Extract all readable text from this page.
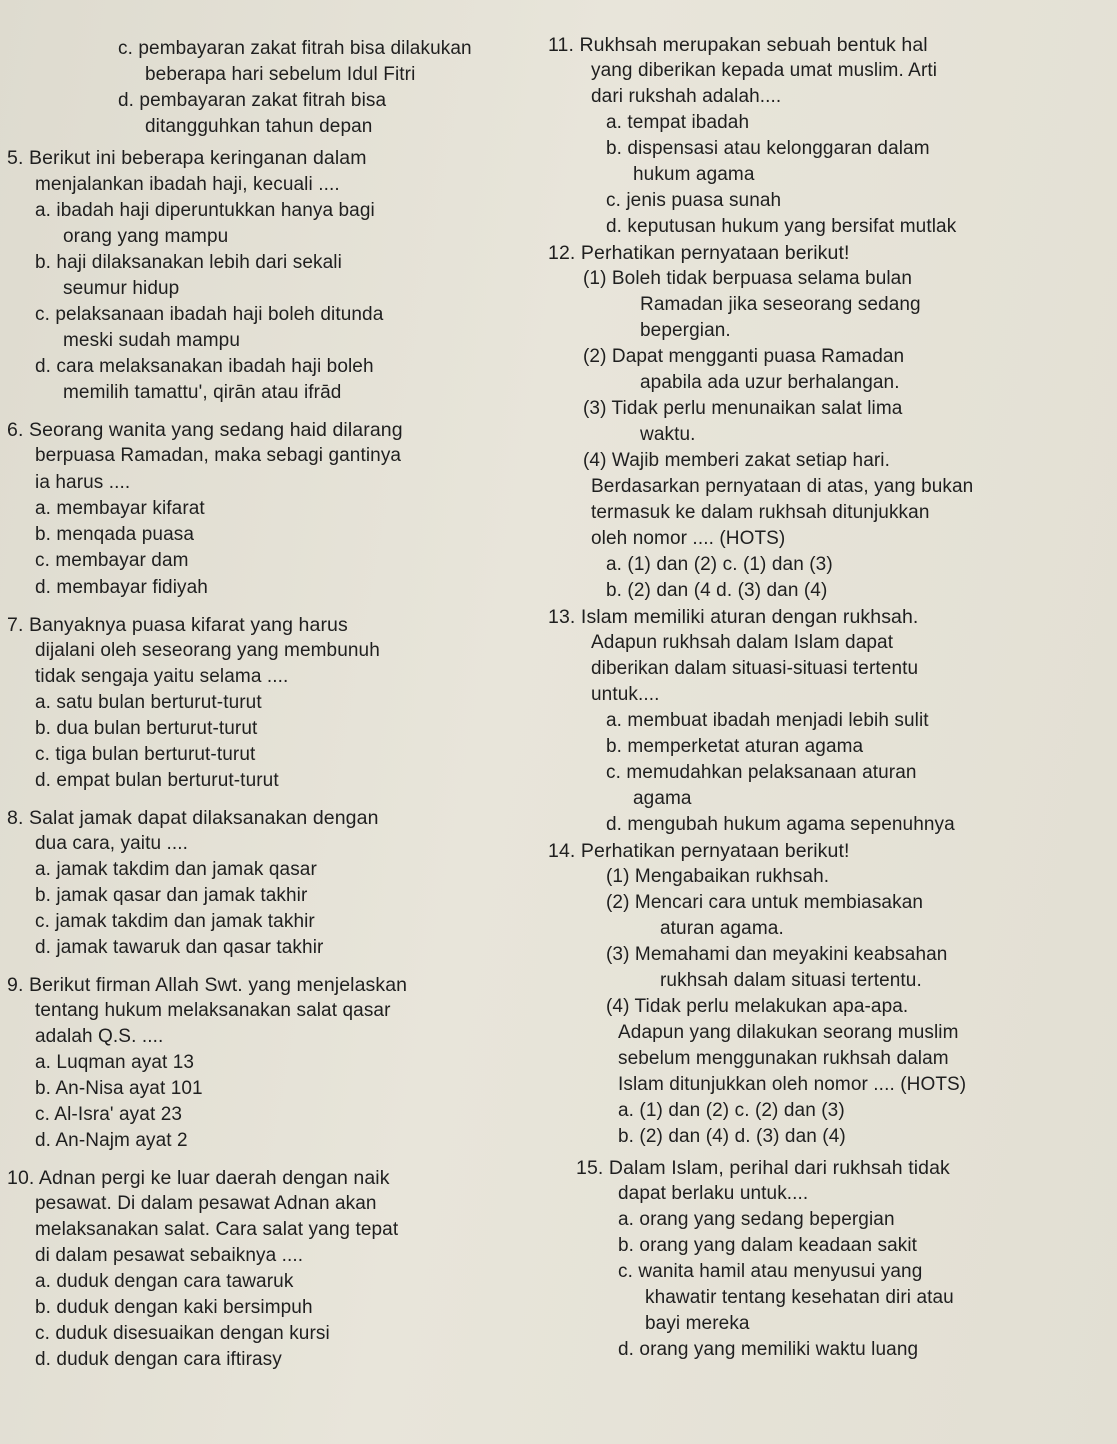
c. pembayaran zakat fitrah bisa dilakukan
beberapa hari sebelum Idul Fitri
d. pembayaran zakat fitrah bisa
ditangguhkan tahun depan
5. Berikut ini beberapa keringanan dalam
menjalankan ibadah haji, kecuali ....
a. ibadah haji diperuntukkan hanya bagi
orang yang mampu
b. haji dilaksanakan lebih dari sekali
seumur hidup
c. pelaksanaan ibadah haji boleh ditunda
meski sudah mampu
d. cara melaksanakan ibadah haji boleh
memilih tamattu', qirān atau ifrād
6. Seorang wanita yang sedang haid dilarang
berpuasa Ramadan, maka sebagi gantinya
ia harus ....
a. membayar kifarat
b. menqada puasa
c. membayar dam
d. membayar fidiyah
7. Banyaknya puasa kifarat yang harus
dijalani oleh seseorang yang membunuh
tidak sengaja yaitu selama ....
a. satu bulan berturut-turut
b. dua bulan berturut-turut
c. tiga bulan berturut-turut
d. empat bulan berturut-turut
8. Salat jamak dapat dilaksanakan dengan
dua cara, yaitu ....
a. jamak takdim dan jamak qasar
b. jamak qasar dan jamak takhir
c. jamak takdim dan jamak takhir
d. jamak tawaruk dan qasar takhir
9. Berikut firman Allah Swt. yang menjelaskan
tentang hukum melaksanakan salat qasar
adalah Q.S. ....
a. Luqman ayat 13
b. An-Nisa ayat 101
c. Al-Isra' ayat 23
d. An-Najm ayat 2
10. Adnan pergi ke luar daerah dengan naik
pesawat. Di dalam pesawat Adnan akan
melaksanakan salat. Cara salat yang tepat
di dalam pesawat sebaiknya ....
a. duduk dengan cara tawaruk
b. duduk dengan kaki bersimpuh
c. duduk disesuaikan dengan kursi
d. duduk dengan cara iftirasy
11. Rukhsah merupakan sebuah bentuk hal
yang diberikan kepada umat muslim. Arti
dari rukshah adalah....
a. tempat ibadah
b. dispensasi atau kelonggaran dalam
hukum agama
c. jenis puasa sunah
d. keputusan hukum yang bersifat mutlak
12. Perhatikan pernyataan berikut!
(1) Boleh tidak berpuasa selama bulan
Ramadan jika seseorang sedang
bepergian.
(2) Dapat mengganti puasa Ramadan
apabila ada uzur berhalangan.
(3) Tidak perlu menunaikan salat lima
waktu.
(4) Wajib memberi zakat setiap hari.
Berdasarkan pernyataan di atas, yang bukan
termasuk ke dalam rukhsah ditunjukkan
oleh nomor .... (HOTS)
a. (1) dan (2) c. (1) dan (3)
b. (2) dan (4 d. (3) dan (4)
13. Islam memiliki aturan dengan rukhsah.
Adapun rukhsah dalam Islam dapat
diberikan dalam situasi-situasi tertentu
untuk....
a. membuat ibadah menjadi lebih sulit
b. memperketat aturan agama
c. memudahkan pelaksanaan aturan
agama
d. mengubah hukum agama sepenuhnya
14. Perhatikan pernyataan berikut!
(1) Mengabaikan rukhsah.
(2) Mencari cara untuk membiasakan
aturan agama.
(3) Memahami dan meyakini keabsahan
rukhsah dalam situasi tertentu.
(4) Tidak perlu melakukan apa-apa.
Adapun yang dilakukan seorang muslim
sebelum menggunakan rukhsah dalam
Islam ditunjukkan oleh nomor .... (HOTS)
a. (1) dan (2) c. (2) dan (3)
b. (2) dan (4) d. (3) dan (4)
15. Dalam Islam, perihal dari rukhsah tidak
dapat berlaku untuk....
a. orang yang sedang bepergian
b. orang yang dalam keadaan sakit
c. wanita hamil atau menyusui yang
khawatir tentang kesehatan diri atau
bayi mereka
d. orang yang memiliki waktu luang
